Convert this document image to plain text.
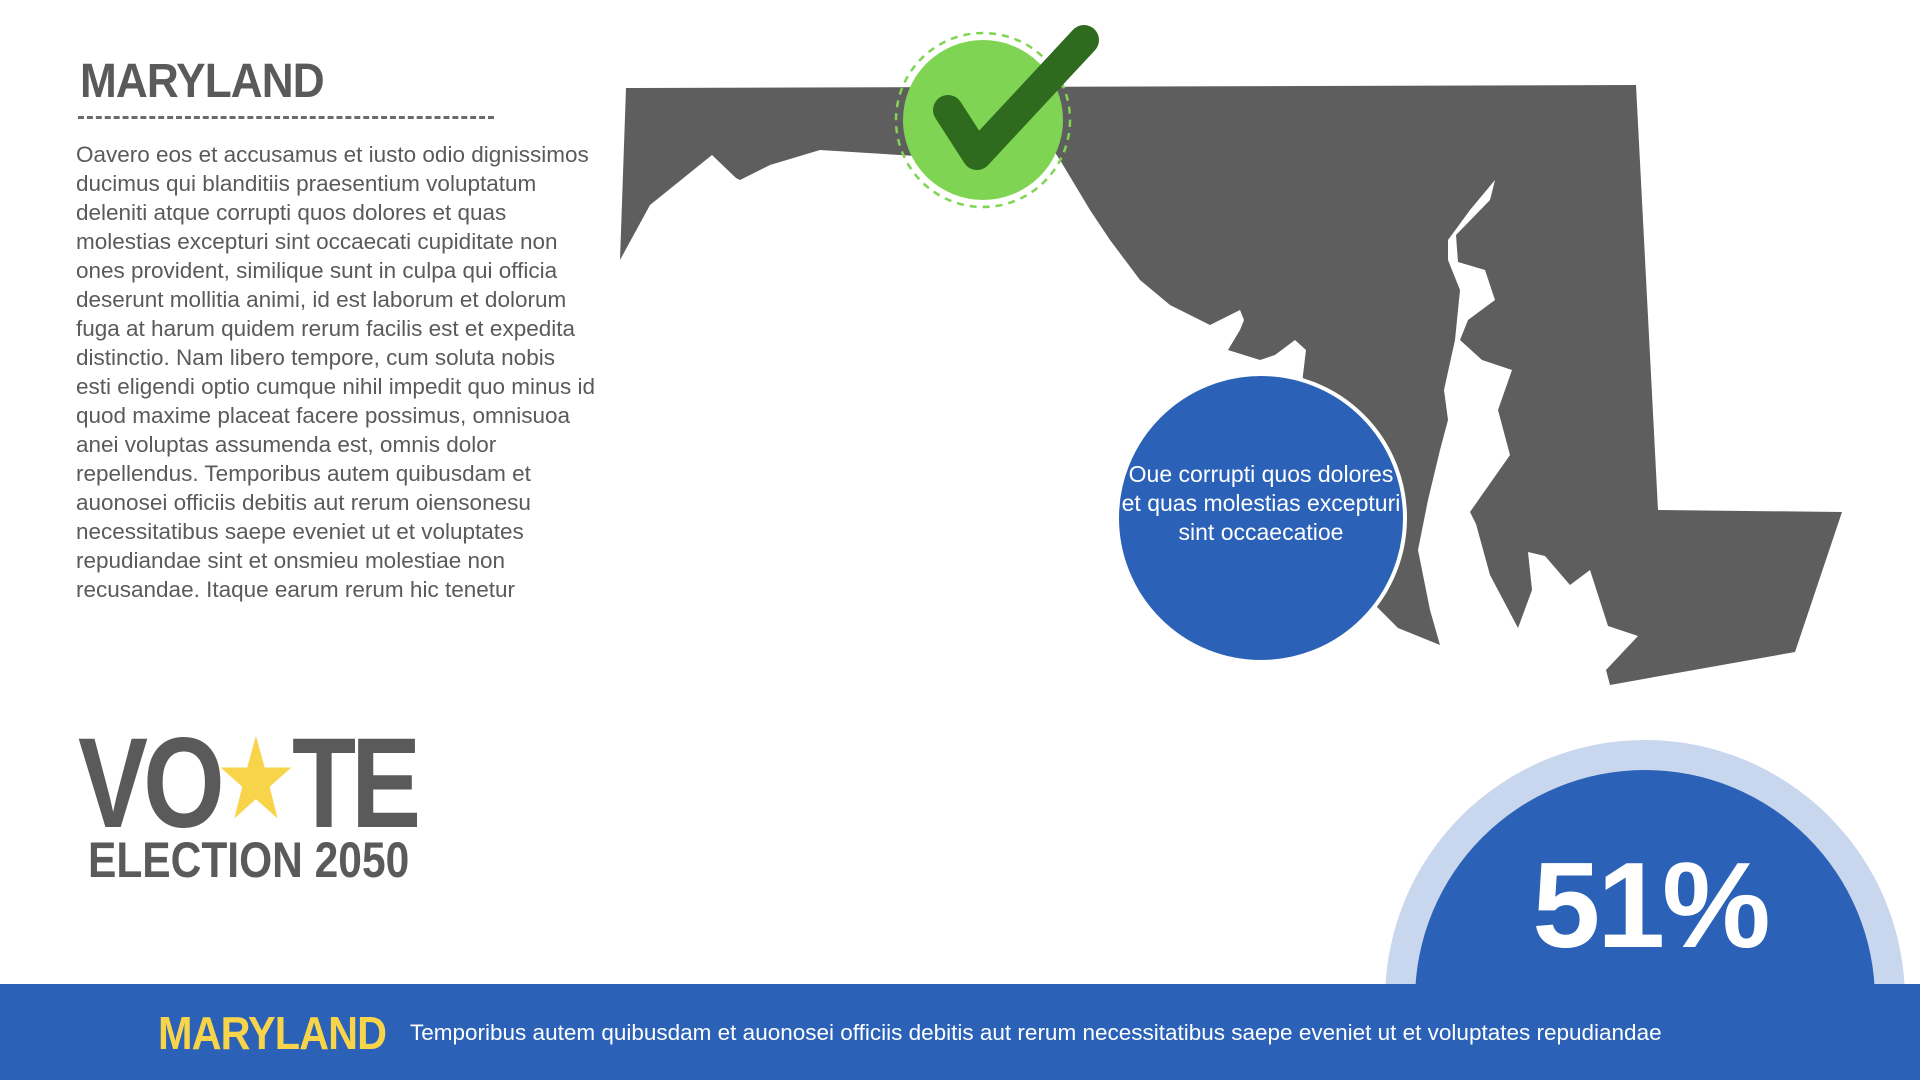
MARYLAND

Oavero eos et accusamus et iusto odio dignissimos ducimus qui blanditiis praesentium voluptatum deleniti atque corrupti quos dolores et quas molestias excepturi sint occaecati cupiditate non ones provident, similique sunt in culpa qui officia deserunt mollitia animi, id est laborum et dolorum fuga at harum quidem rerum facilis est et expedita distinctio. Nam libero tempore, cum soluta nobis esti eligendi optio cumque nihil impedit quo minus id quod maxime placeat facere possimus, omnisuoa anei voluptas assumenda est, omnis dolor repellendus. Temporibus autem quibusdam et auonosei officiis debitis aut rerum oiensonesu necessitatibus saepe eveniet ut et voluptates repudiandae sint et onsmieu molestiae non recusandae. Itaque earum rerum hic tenetur

Oue corrupti quos dolores et quas molestias excepturi sint occaecatioe
VO TE
ELECTION 2050	51%
MARYLAND Temporibus autem quibusdam et auonosei officiis debitis aut rerum necessitatibus saepe eveniet ut et voluptates repudiandae
